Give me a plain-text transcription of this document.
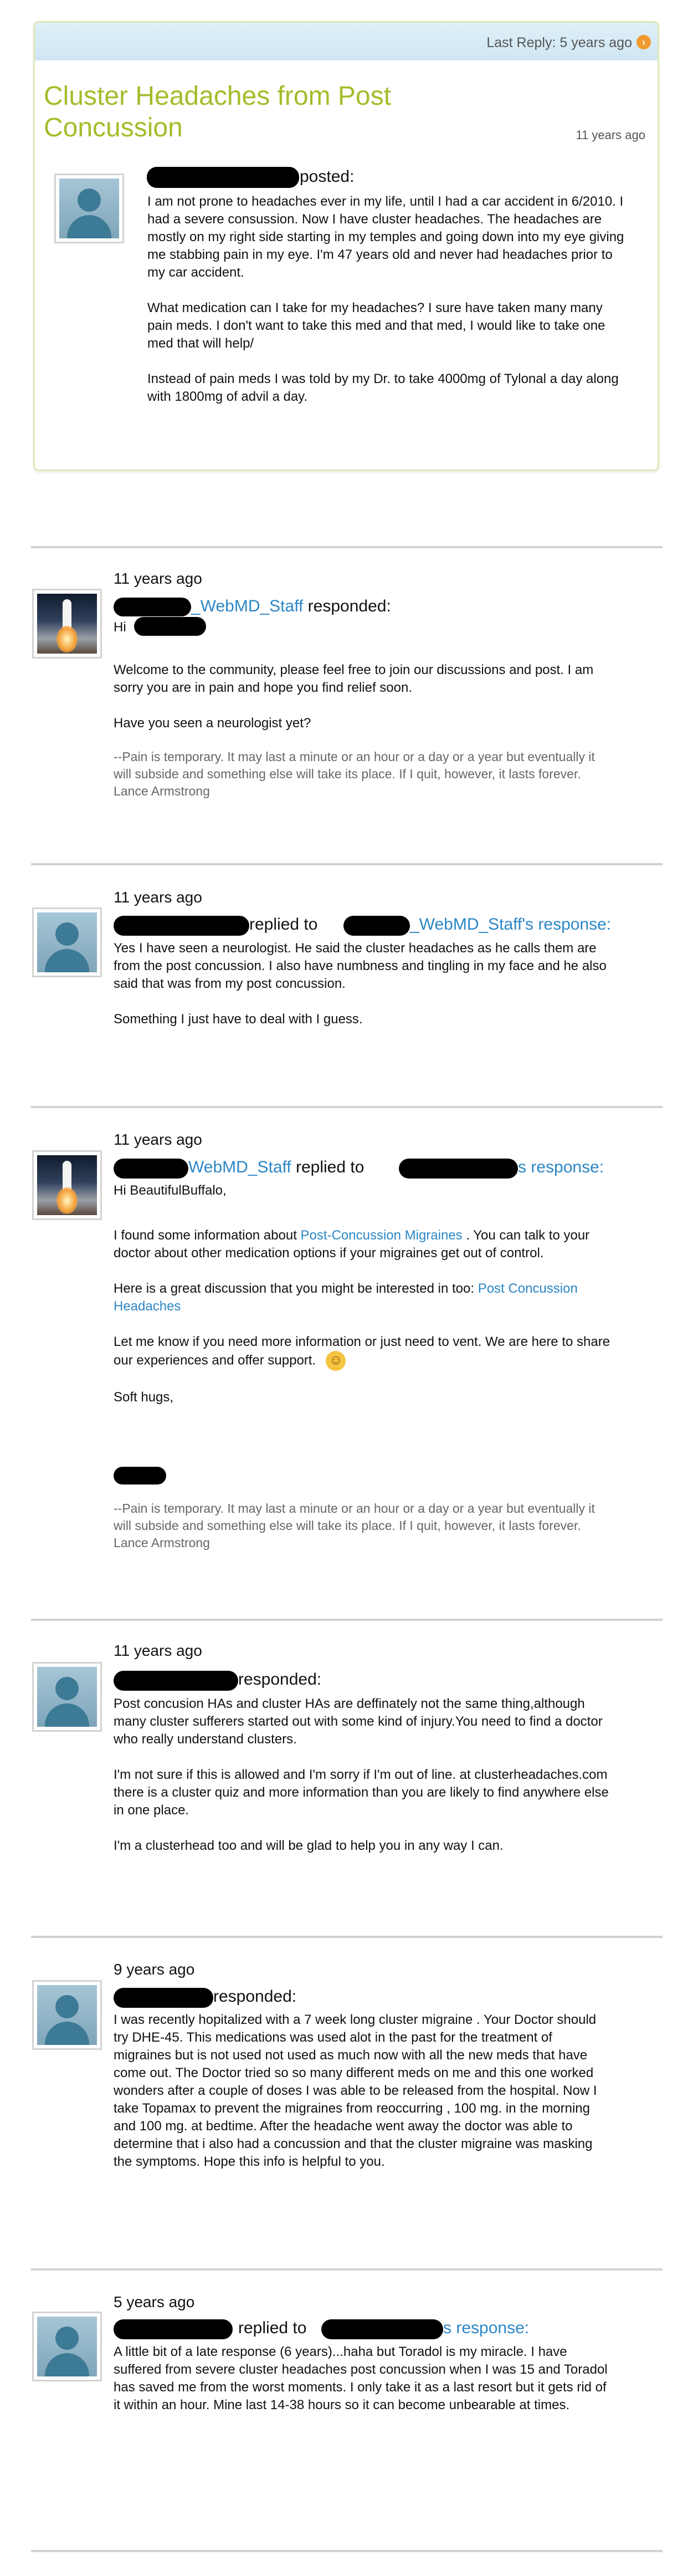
Last Reply: 5 years ago	›
Cluster Headaches from Post Concussion	11 years ago
posted:

I am not prone to headaches ever in my life, until I had a car accident in 6/2010. I had a severe consussion. Now I have cluster headaches. The headaches are mostly on my right side starting in my temples and going down into my eye giving me stabbing pain in my eye. I'm 47 years old and never had headaches prior to my car accident.

What medication can I take for my headaches? I sure have taken many many pain meds. I don't want to take this med and that med, I would like to take one med that will help/

Instead of pain meds I was told by my Dr. to take 4000mg of Tylonal a day along with 1800mg of advil a day.

11 years ago
_WebMD_Staff responded:
Hi

Welcome to the community, please feel free to join our discussions and post. I am sorry you are in pain and hope you find relief soon.

Have you seen a neurologist yet?

--Pain is temporary. It may last a minute or an hour or a day or a year but eventually it will subside and something else will take its place. If I quit, however, it lasts forever. Lance Armstrong
11 years ago
replied to	_WebMD_Staff's response:

Yes I have seen a neurologist. He said the cluster headaches as he calls them are from the post concussion. I also have numbness and tingling in my face and he also said that was from my post concussion.

Something I just have to deal with I guess.

11 years ago
WebMD_Staff replied to	s response:
Hi BeautifulBuffalo,

I found some information about Post-Concussion Migraines . You can talk to your doctor about other medication options if your migraines get out of control.

Here is a great discussion that you might be interested in too: Post Concussion Headaches

Let me know if you need more information or just need to vent. We are here to share our experiences and offer support.☺

Soft hugs,

--Pain is temporary. It may last a minute or an hour or a day or a year but eventually it will subside and something else will take its place. If I quit, however, it lasts forever. Lance Armstrong
11 years ago
responded:

Post concusion HAs and cluster HAs are deffinately not the same thing,although many cluster sufferers started out with some kind of injury.You need to find a doctor who really understand clusters.

I'm not sure if this is allowed and I'm sorry if I'm out of line. at clusterheadaches.com there is a cluster quiz and more information than you are likely to find anywhere else in one place.

I'm a clusterhead too and will be glad to help you in any way I can.

9 years ago
responded:
I was recently hopitalized with a 7 week long cluster migraine . Your Doctor should try DHE-45. This medications was used alot in the past for the treatment of migraines but is not used not used as much now with all the new meds that have come out. The Doctor tried so so many different meds on me and this one worked wonders after a couple of doses I was able to be released from the hospital. Now I take Topamax to prevent the migraines from reoccurring , 100 mg. in the morning and 100 mg. at bedtime. After the headache went away the doctor was able to determine that i also had a concussion and that the cluster migraine was masking the symptoms. Hope this info is helpful to you.
5 years ago
replied to	s response:
A little bit of a late response (6 years)...haha but Toradol is my miracle. I have suffered from severe cluster headaches post concussion when I was 15 and Toradol has saved me from the worst moments. I only take it as a last resort but it gets rid of it within an hour. Mine last 14-38 hours so it can become unbearable at times.
